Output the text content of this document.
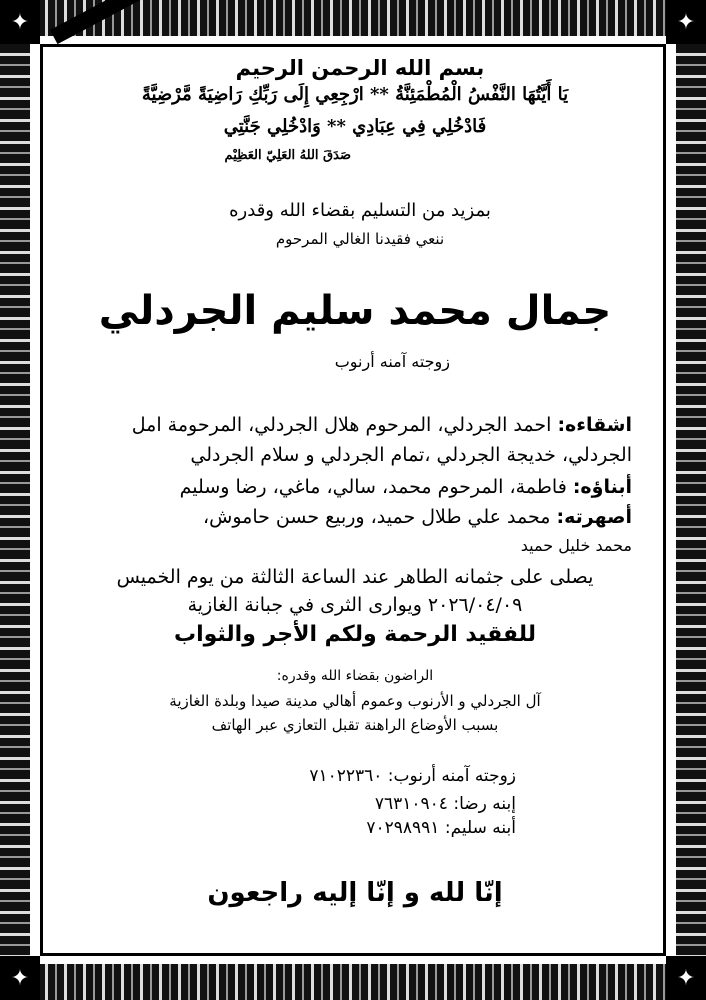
✦	✦
✦	✦
بسم الله الرحمن الرحيم
يَا أَيَّتُهَا النَّفْسُ الْمُطْمَئِنَّةُ ** ارْجِعِي إِلَى رَبِّكِ رَاضِيَةً مَّرْضِيَّةً
فَادْخُلِي فِي عِبَادِي ** وَادْخُلِي جَنَّتِي
صَدَقَ اللهُ العَلِيّ العَظِيْم
بمزيد من التسليم بقضاء الله وقدره
ننعي فقيدنا الغالي المرحوم
جمال محمد سليم الجردلي
زوجته آمنه أرنوب
اشقاءه: احمد الجردلي، المرحوم هلال الجردلي، المرحومة امل
الجردلي، خديجة الجردلي ،تمام الجردلي و سلام الجردلي
أبناؤه: فاطمة، المرحوم محمد، سالي، ماغي، رضا وسليم
أصهرته: محمد علي طلال حميد، وربيع حسن حاموش،
محمد خليل حميد
يصلى على جثمانه الطاهر عند الساعة الثالثة من يوم الخميس
٢٠٢٦/٠٤/٠٩ ويوارى الثرى في جبانة الغازية
للفقيد الرحمة ولكم الأجر والثواب
الراضون بقضاء الله وقدره:
آل الجردلي و الأرنوب وعموم أهالي مدينة صيدا وبلدة الغازية
بسبب الأوضاع الراهنة تقبل التعازي عبر الهاتف
زوجته آمنه أرنوب: ٧١٠٢٢٣٦٠
إبنه رضا: ٧٦٣١٠٩٠٤
أبنه سليم: ٧٠٢٩٨٩٩١
إنّا لله و إنّا إليه راجعون
